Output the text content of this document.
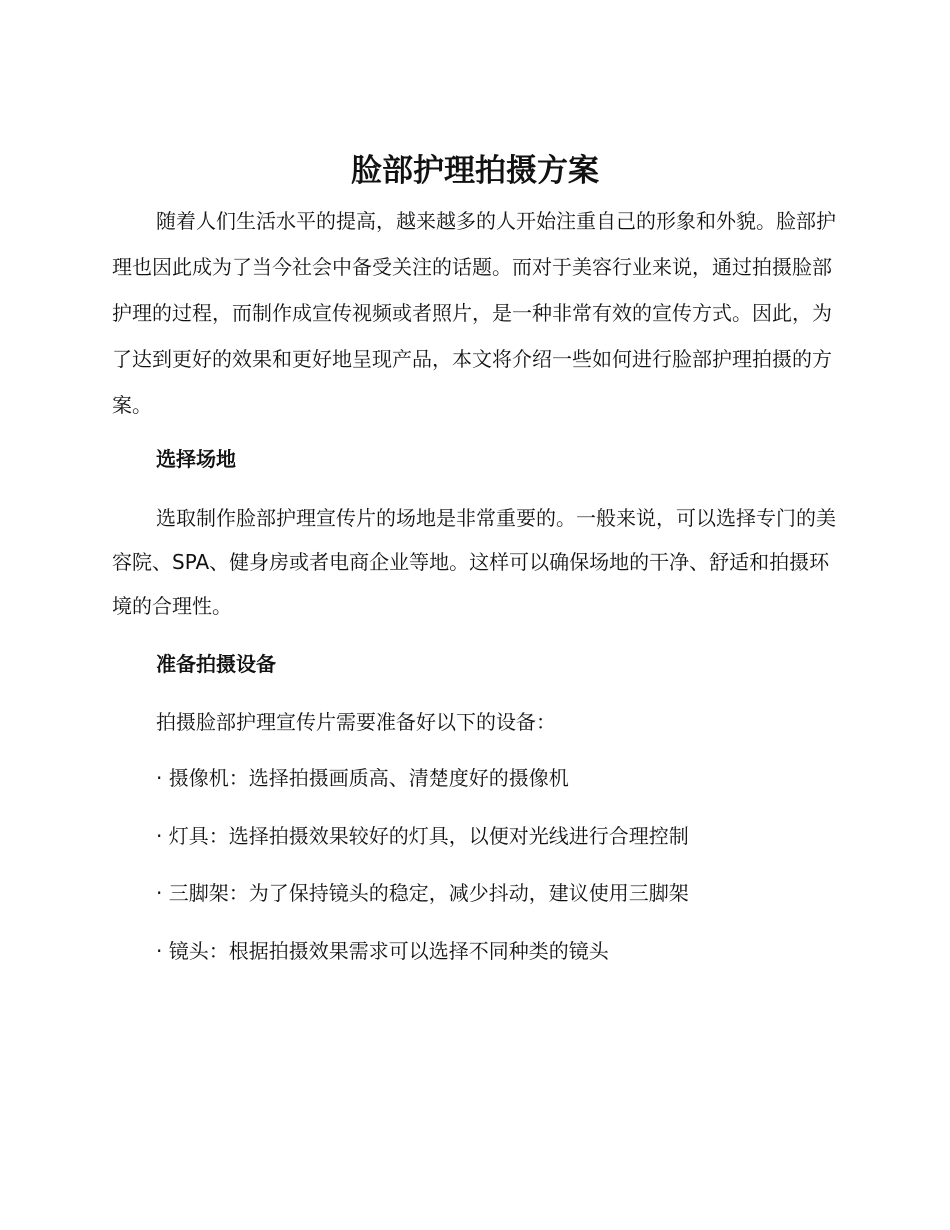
脸部护理拍摄方案

随着人们生活水平的提高，越来越多的人开始注重自己的形象和外貌。脸部护理也因此成为了当今社会中备受关注的话题。而对于美容行业来说，通过拍摄脸部护理的过程，而制作成宣传视频或者照片，是一种非常有效的宣传方式。因此，为了达到更好的效果和更好地呈现产品，本文将介绍一些如何进行脸部护理拍摄的方案。

选择场地

选取制作脸部护理宣传片的场地是非常重要的。一般来说，可以选择专门的美容院、SPA、健身房或者电商企业等地。这样可以确保场地的干净、舒适和拍摄环境的合理性。

准备拍摄设备

拍摄脸部护理宣传片需要准备好以下的设备：

· 摄像机：选择拍摄画质高、清楚度好的摄像机
· 灯具：选择拍摄效果较好的灯具，以便对光线进行合理控制
· 三脚架：为了保持镜头的稳定，减少抖动，建议使用三脚架
· 镜头：根据拍摄效果需求可以选择不同种类的镜头
